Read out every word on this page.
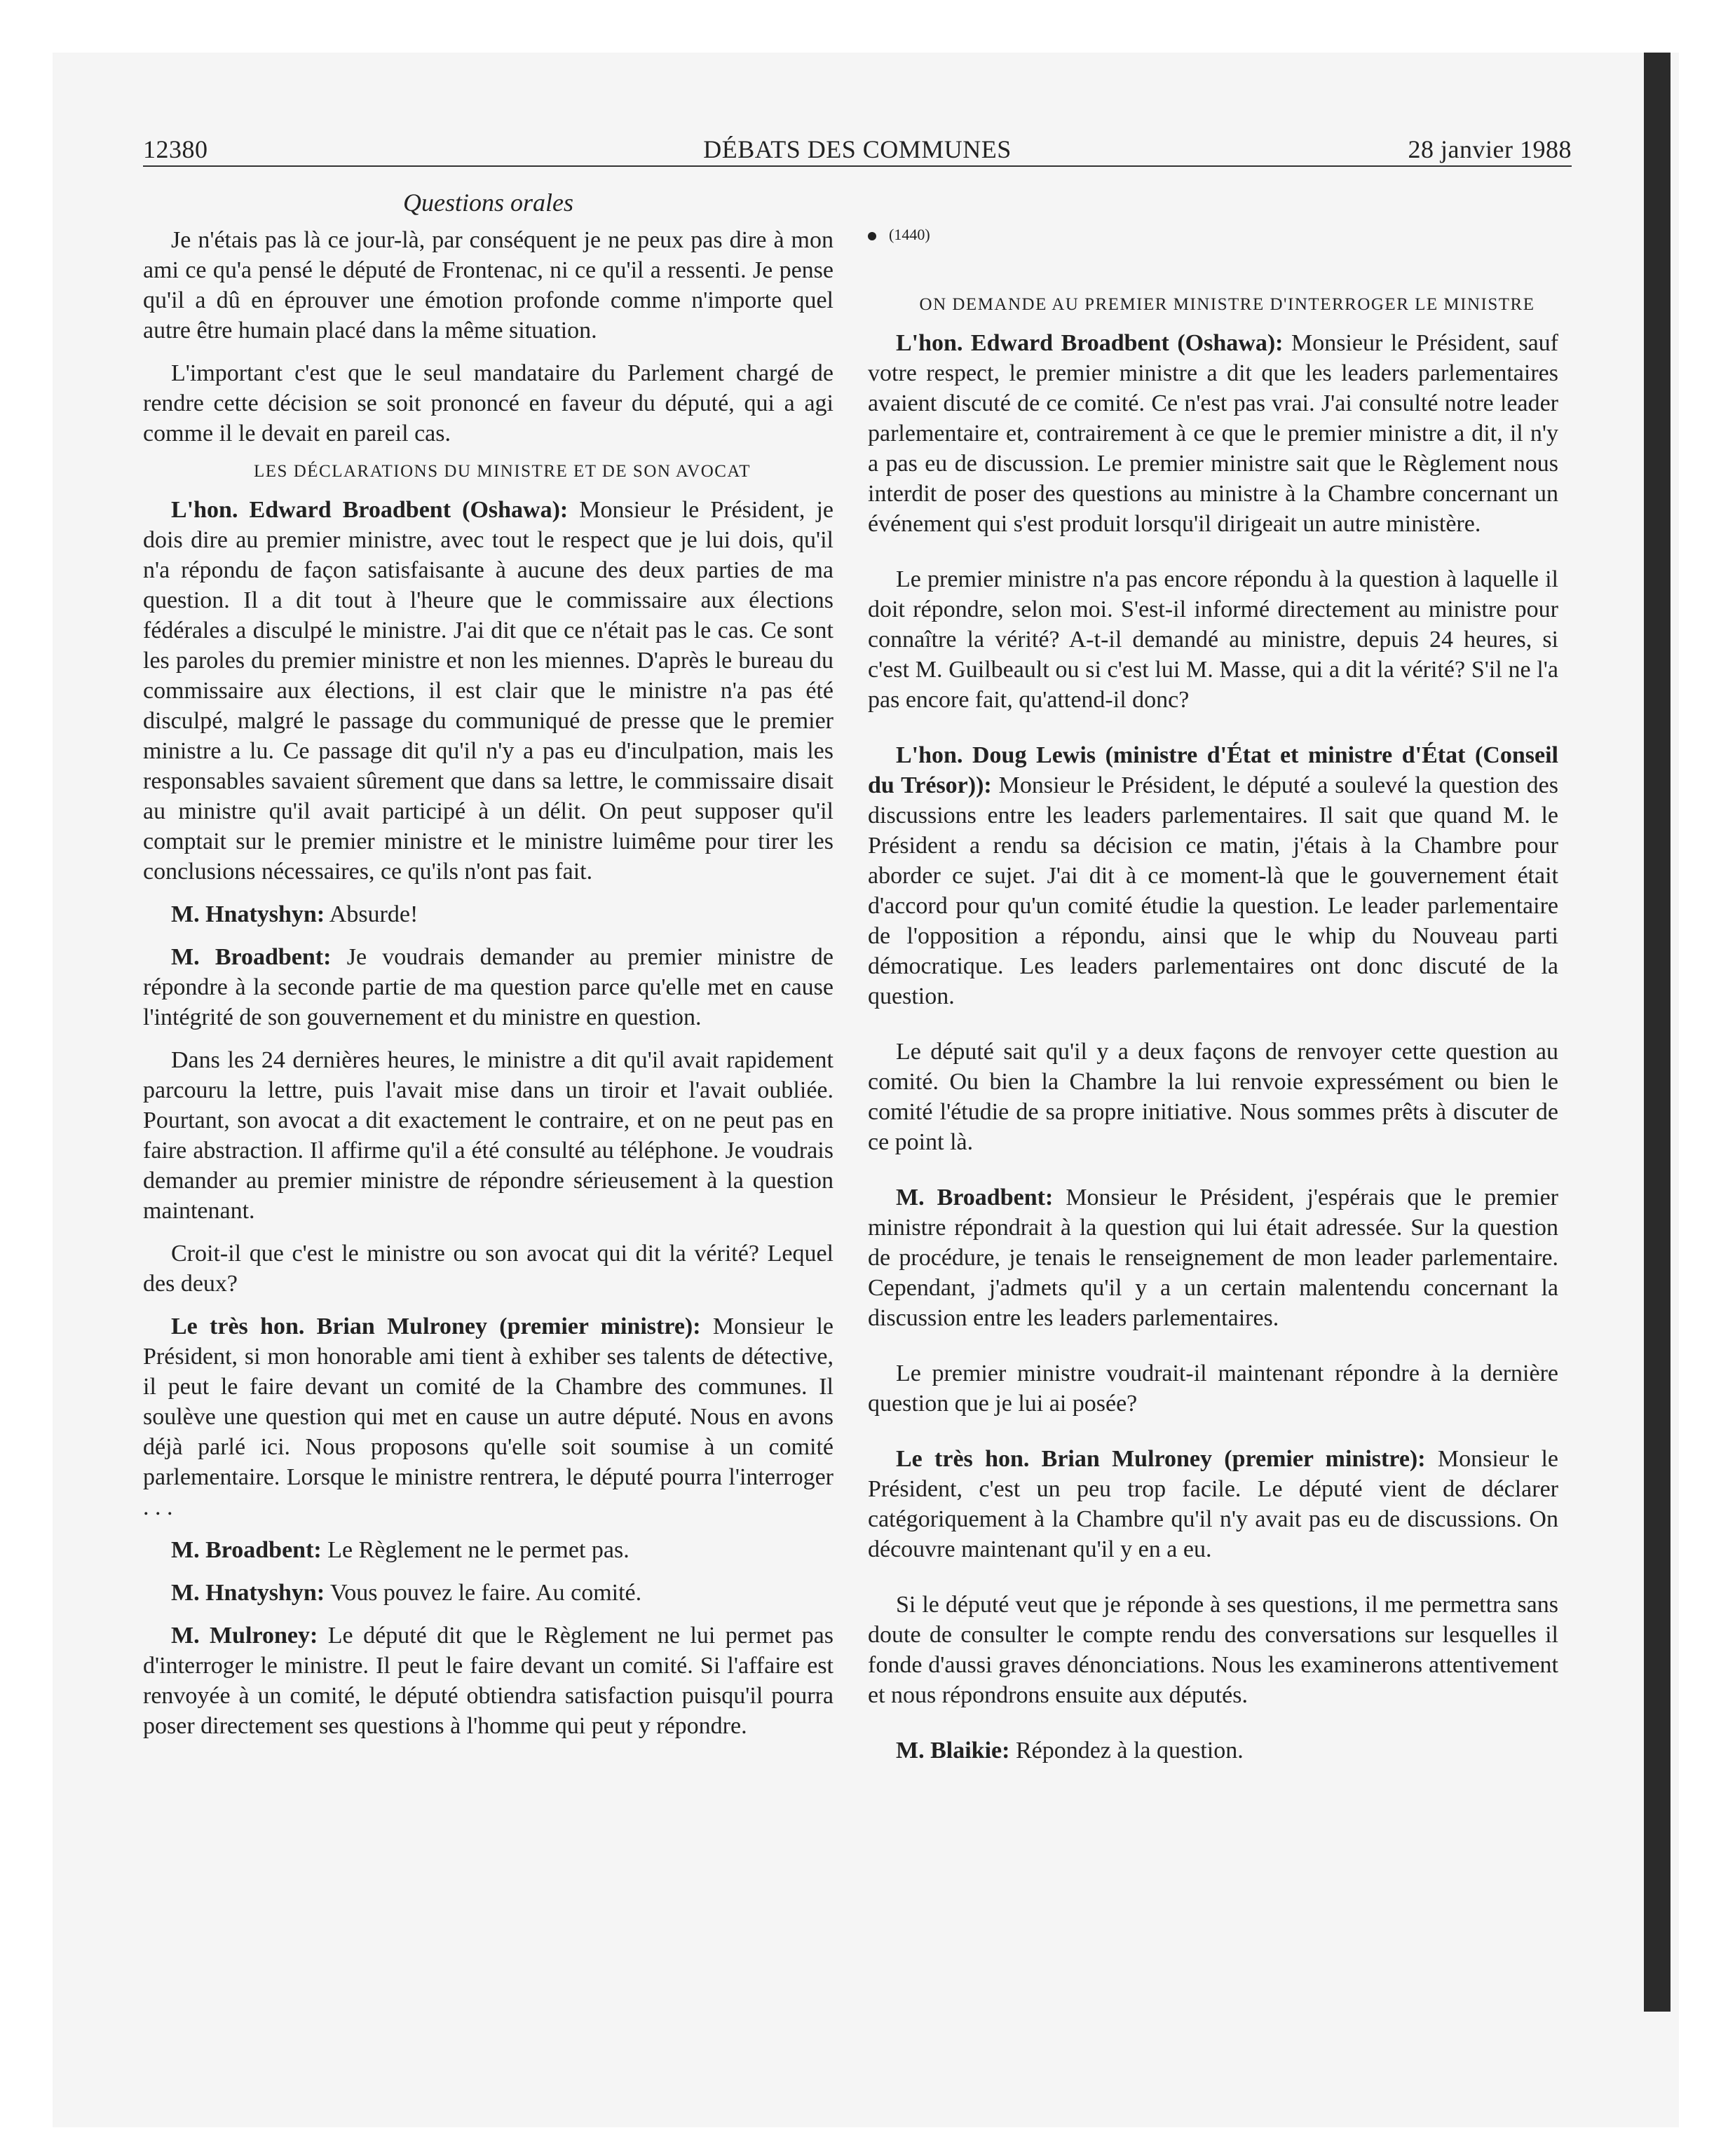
12380	DÉBATS DES COMMUNES	28 janvier 1988
Questions orales

Je n'étais pas là ce jour-là, par conséquent je ne peux pas dire à mon ami ce qu'a pensé le député de Frontenac, ni ce qu'il a ressenti. Je pense qu'il a dû en éprouver une émotion profonde comme n'importe quel autre être humain placé dans la même situation.

L'important c'est que le seul mandataire du Parlement chargé de rendre cette décision se soit prononcé en faveur du député, qui a agi comme il le devait en pareil cas.

LES DÉCLARATIONS DU MINISTRE ET DE SON AVOCAT

L'hon. Edward Broadbent (Oshawa): Monsieur le Président, je dois dire au premier ministre, avec tout le respect que je lui dois, qu'il n'a répondu de façon satisfaisante à aucune des deux parties de ma question. Il a dit tout à l'heure que le commissaire aux élections fédérales a disculpé le ministre. J'ai dit que ce n'était pas le cas. Ce sont les paroles du premier ministre et non les miennes. D'après le bureau du commissaire aux élections, il est clair que le ministre n'a pas été disculpé, malgré le passage du communiqué de presse que le premier ministre a lu. Ce passage dit qu'il n'y a pas eu d'inculpation, mais les responsables savaient sûrement que dans sa lettre, le commissaire disait au ministre qu'il avait participé à un délit. On peut supposer qu'il comptait sur le premier ministre et le ministre luimême pour tirer les conclusions nécessaires, ce qu'ils n'ont pas fait.

M. Hnatyshyn: Absurde!

M. Broadbent: Je voudrais demander au premier ministre de répondre à la seconde partie de ma question parce qu'elle met en cause l'intégrité de son gouvernement et du ministre en question.

Dans les 24 dernières heures, le ministre a dit qu'il avait rapidement parcouru la lettre, puis l'avait mise dans un tiroir et l'avait oubliée. Pourtant, son avocat a dit exactement le contraire, et on ne peut pas en faire abstraction. Il affirme qu'il a été consulté au téléphone. Je voudrais demander au premier ministre de répondre sérieusement à la question maintenant.

Croit-il que c'est le ministre ou son avocat qui dit la vérité? Lequel des deux?

Le très hon. Brian Mulroney (premier ministre): Monsieur le Président, si mon honorable ami tient à exhiber ses talents de détective, il peut le faire devant un comité de la Chambre des communes. Il soulève une question qui met en cause un autre député. Nous en avons déjà parlé ici. Nous proposons qu'elle soit soumise à un comité parlementaire. Lorsque le ministre rentrera, le député pourra l'interroger . . .

M. Broadbent: Le Règlement ne le permet pas.

M. Hnatyshyn: Vous pouvez le faire. Au comité.

M. Mulroney: Le député dit que le Règlement ne lui permet pas d'interroger le ministre. Il peut le faire devant un comité. Si l'affaire est renvoyée à un comité, le député obtiendra satisfaction puisqu'il pourra poser directement ses questions à l'homme qui peut y répondre.

(1440)

ON DEMANDE AU PREMIER MINISTRE D'INTERROGER LE MINISTRE

L'hon. Edward Broadbent (Oshawa): Monsieur le Président, sauf votre respect, le premier ministre a dit que les leaders parlementaires avaient discuté de ce comité. Ce n'est pas vrai. J'ai consulté notre leader parlementaire et, contrairement à ce que le premier ministre a dit, il n'y a pas eu de discussion. Le premier ministre sait que le Règlement nous interdit de poser des questions au ministre à la Chambre concernant un événement qui s'est produit lorsqu'il dirigeait un autre ministère.

Le premier ministre n'a pas encore répondu à la question à laquelle il doit répondre, selon moi. S'est-il informé directement au ministre pour connaître la vérité? A-t-il demandé au ministre, depuis 24 heures, si c'est M. Guilbeault ou si c'est lui M. Masse, qui a dit la vérité? S'il ne l'a pas encore fait, qu'attend-il donc?

L'hon. Doug Lewis (ministre d'État et ministre d'État (Conseil du Trésor)): Monsieur le Président, le député a soulevé la question des discussions entre les leaders parlementaires. Il sait que quand M. le Président a rendu sa décision ce matin, j'étais à la Chambre pour aborder ce sujet. J'ai dit à ce moment-là que le gouvernement était d'accord pour qu'un comité étudie la question. Le leader parlementaire de l'opposition a répondu, ainsi que le whip du Nouveau parti démocratique. Les leaders parlementaires ont donc discuté de la question.

Le député sait qu'il y a deux façons de renvoyer cette question au comité. Ou bien la Chambre la lui renvoie expressément ou bien le comité l'étudie de sa propre initiative. Nous sommes prêts à discuter de ce point là.

M. Broadbent: Monsieur le Président, j'espérais que le premier ministre répondrait à la question qui lui était adressée. Sur la question de procédure, je tenais le renseignement de mon leader parlementaire. Cependant, j'admets qu'il y a un certain malentendu concernant la discussion entre les leaders parlementaires.

Le premier ministre voudrait-il maintenant répondre à la dernière question que je lui ai posée?

Le très hon. Brian Mulroney (premier ministre): Monsieur le Président, c'est un peu trop facile. Le député vient de déclarer catégoriquement à la Chambre qu'il n'y avait pas eu de discussions. On découvre maintenant qu'il y en a eu.

Si le député veut que je réponde à ses questions, il me permettra sans doute de consulter le compte rendu des conversations sur lesquelles il fonde d'aussi graves dénonciations. Nous les examinerons attentivement et nous répondrons ensuite aux députés.

M. Blaikie: Répondez à la question.
